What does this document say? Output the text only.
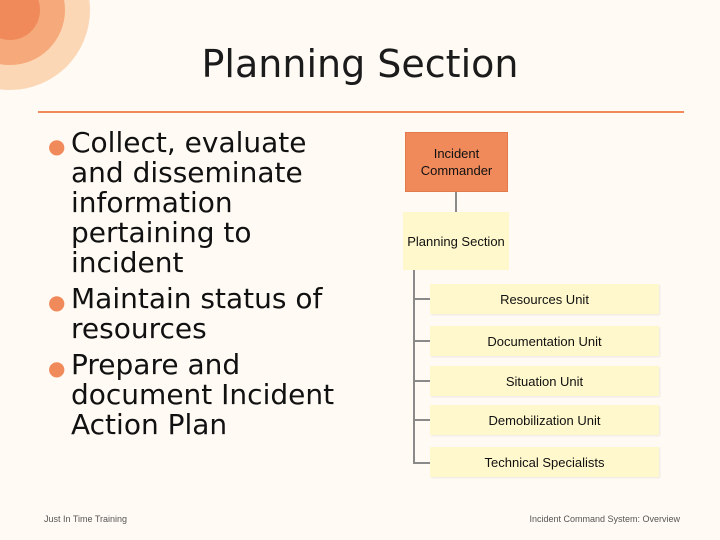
Planning Section
● Collect, evaluate and disseminate information pertaining to incident
● Maintain status of resources
● Prepare and document Incident Action Plan
Incident Commander
Planning Section
Resources Unit
Documentation Unit
Situation Unit
Demobilization Unit
Technical Specialists
Just In Time Training	Incident Command System: Overview
